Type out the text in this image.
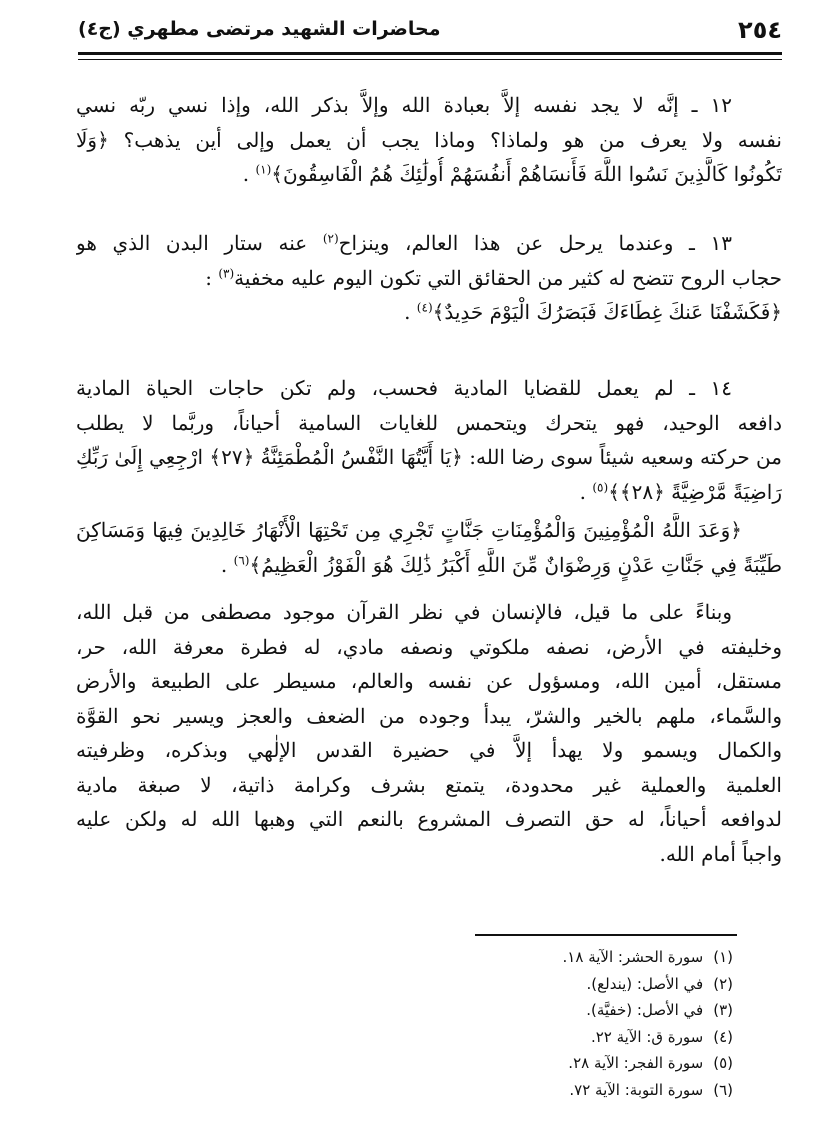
٢٥٤
محاضرات الشهيد مرتضى مطهري (ج٤)
١٢ ـ إنَّه لا يجد نفسه إلاَّ بعبادة الله وإلاَّ بذكر الله، وإذا نسي ربّه نسي
نفسه ولا يعرف من هو ولماذا؟ وماذا يجب أن يعمل وإلى أين يذهب؟ ﴿وَلَا
تَكُونُوا كَالَّذِينَ نَسُوا اللَّهَ فَأَنسَاهُمْ أَنفُسَهُمْ أُولَٰئِكَ هُمُ الْفَاسِقُونَ﴾$^{(١)}$ .
١٣ ـ وعندما يرحل عن هذا العالم، وينزاح$^{(٢)}$ عنه ستار البدن الذي هو
حجاب الروح تتضح له كثير من الحقائق التي تكون اليوم عليه مخفية$^{(٣)}$ :
﴿فَكَشَفْنَا عَنكَ غِطَاءَكَ فَبَصَرُكَ الْيَوْمَ حَدِيدٌ﴾$^{(٤)}$ .
١٤ ـ لم يعمل للقضايا المادية فحسب، ولم تكن حاجات الحياة المادية
دافعه الوحيد، فهو يتحرك ويتحمس للغايات السامية أحياناً، وربَّما لا يطلب
من حركته وسعيه شيئاً سوى رضا الله: ﴿يَا أَيَّتُهَا النَّفْسُ الْمُطْمَئِنَّةُ ﴿٢٧﴾ ارْجِعِي إِلَىٰ رَبِّكِ
رَاضِيَةً مَّرْضِيَّةً ﴿٢٨﴾﴾$^{(٥)}$ .
﴿وَعَدَ اللَّهُ الْمُؤْمِنِينَ وَالْمُؤْمِنَاتِ جَنَّاتٍ تَجْرِي مِن تَحْتِهَا الْأَنْهَارُ خَالِدِينَ فِيهَا وَمَسَاكِنَ
طَيِّبَةً فِي جَنَّاتِ عَدْنٍ وَرِضْوَانٌ مِّنَ اللَّهِ أَكْبَرُ ذَٰلِكَ هُوَ الْفَوْزُ الْعَظِيمُ﴾$^{(٦)}$ .
وبناءً على ما قيل، فالإنسان في نظر القرآن موجود مصطفى من قبل الله،
وخليفته في الأرض، نصفه ملكوتي ونصفه مادي، له فطرة معرفة الله، حر،
مستقل، أمين الله، ومسؤول عن نفسه والعالم، مسيطر على الطبيعة والأرض
والسَّماء، ملهم بالخير والشرّ، يبدأ وجوده من الضعف والعجز ويسير نحو القوَّة
والكمال ويسمو ولا يهدأ إلاَّ في حضيرة القدس الإلٰهي وبذكره، وظرفيته
العلمية والعملية غير محدودة، يتمتع بشرف وكرامة ذاتية، لا صبغة مادية
لدوافعه أحياناً، له حق التصرف المشروع بالنعم التي وهبها الله له ولكن عليه
واجباً أمام الله.
(١)سورة الحشر: الآية ١٨.
(٢)في الأصل: (يندلع).
(٣)في الأصل: (خفيَّة).
(٤)سورة ق: الآية ٢٢.
(٥)سورة الفجر: الآية ٢٨.
(٦)سورة التوبة: الآية ٧٢.
